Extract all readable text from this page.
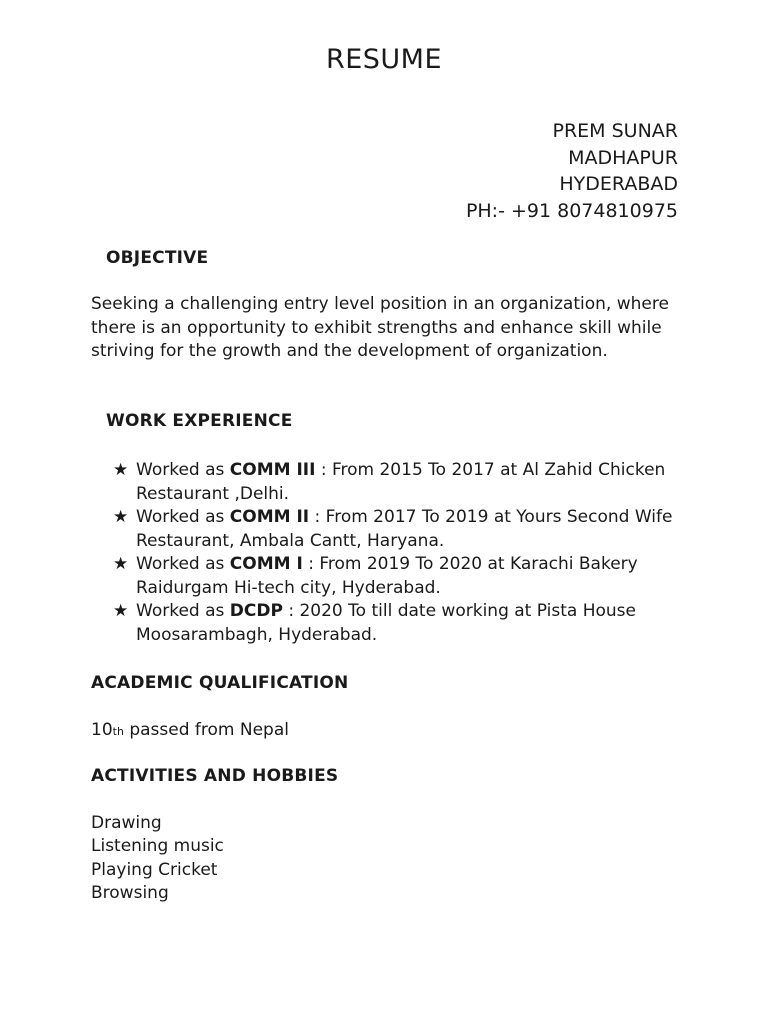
RESUME
PREM SUNAR
MADHAPUR
HYDERABAD
PH:- +91 8074810975
OBJECTIVE
Seeking a challenging entry level position in an organization, where there is an opportunity to exhibit strengths and enhance skill while striving for the growth and the development of organization.
WORK EXPERIENCE
★ Worked as COMM III : From 2015 To 2017 at Al Zahid Chicken Restaurant ,Delhi.
★ Worked as COMM II : From 2017 To 2019 at Yours Second Wife Restaurant, Ambala Cantt, Haryana.
★ Worked as COMM I : From 2019 To 2020 at Karachi Bakery Raidurgam Hi-tech city, Hyderabad.
★ Worked as DCDP : 2020 To till date working at Pista House Moosarambagh, Hyderabad.
ACADEMIC QUALIFICATION
10th passed from Nepal
ACTIVITIES AND HOBBIES
Drawing
Listening music
Playing Cricket
Browsing
